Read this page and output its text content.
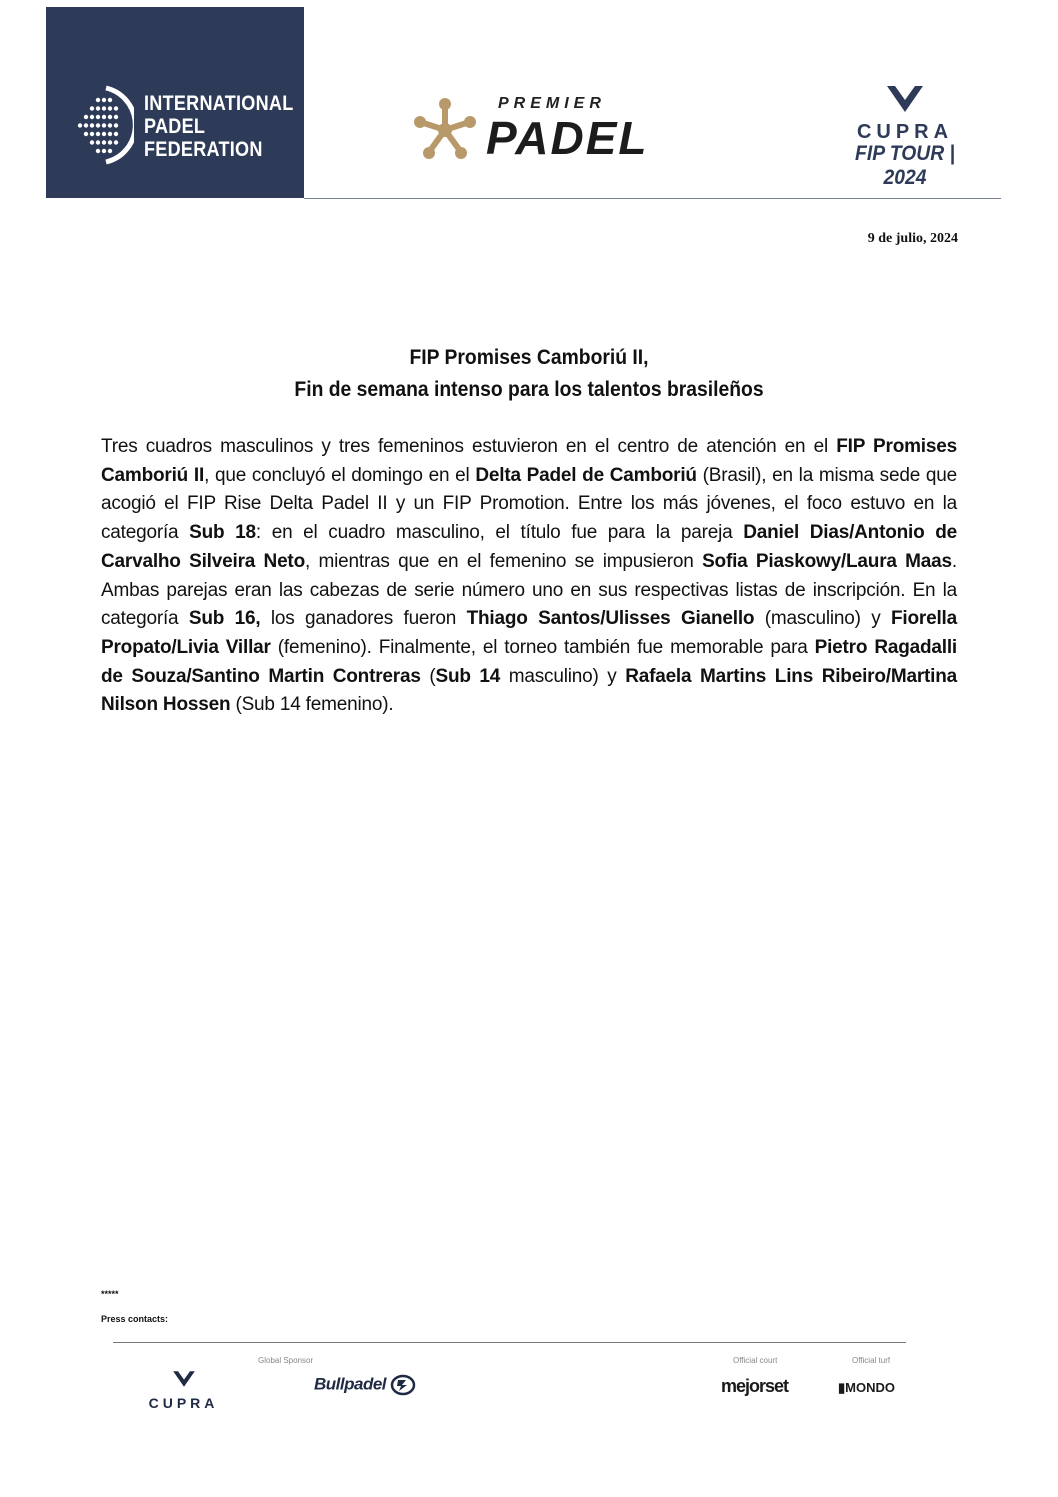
INTERNATIONAL
PADEL
FEDERATION
PREMIER
PADEL	CUPRA
FIP TOUR | 2024
9 de julio, 2024
FIP Promises Camboriú II,
Fin de semana intenso para los talentos brasileños
Tres cuadros masculinos y tres femeninos estuvieron en el centro de atención en el FIP Promises Camboriú II, que concluyó el domingo en el Delta Padel de Camboriú (Brasil), en la misma sede que acogió el FIP Rise Delta Padel II y un FIP Promotion. Entre los más jóvenes, el foco estuvo en la categoría Sub 18: en el cuadro masculino, el título fue para la pareja Daniel Dias/Antonio de Carvalho Silveira Neto, mientras que en el femenino se impusieron Sofia Piaskowy/Laura Maas. Ambas parejas eran las cabezas de serie número uno en sus respectivas listas de inscripción. En la categoría Sub 16, los ganadores fueron Thiago Santos/Ulisses Gianello (masculino) y Fiorella Propato/Livia Villar (femenino). Finalmente, el torneo también fue memorable para Pietro Ragadalli de Souza/Santino Martin Contreras (Sub 14 masculino) y Rafaela Martins Lins Ribeiro/Martina Nilson Hossen (Sub 14 femenino).
*****
Press contacts:
Global Sponsor	Official court	Official turf
CUPRA
Bullpadel	mejorset	▮MONDO
